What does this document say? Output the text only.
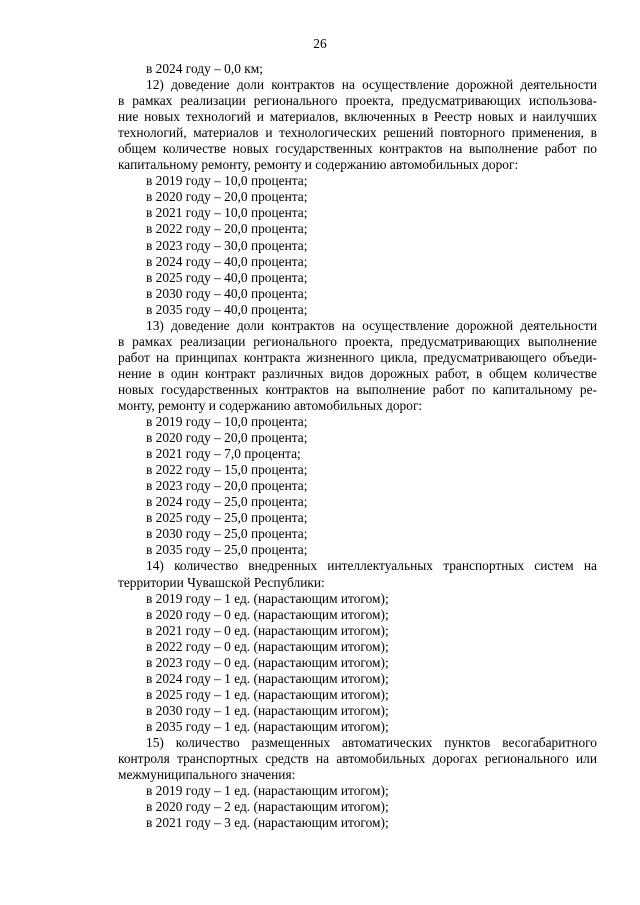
26
в 2024 году – 0,0 км;
12) доведение доли контрактов на осуществление дорожной деятельности
в рамках реализации регионального проекта, предусматривающих использова-
ние новых технологий и материалов, включенных в Реестр новых и наилучших
технологий, материалов и технологических решений повторного применения, в
общем количестве новых государственных контрактов на выполнение работ по
капитальному ремонту, ремонту и содержанию автомобильных дорог:
в 2019 году – 10,0 процента;
в 2020 году – 20,0 процента;
в 2021 году – 10,0 процента;
в 2022 году – 20,0 процента;
в 2023 году – 30,0 процента;
в 2024 году – 40,0 процента;
в 2025 году – 40,0 процента;
в 2030 году – 40,0 процента;
в 2035 году – 40,0 процента;
13) доведение доли контрактов на осуществление дорожной деятельности
в рамках реализации регионального проекта, предусматривающих выполнение
работ на принципах контракта жизненного цикла, предусматривающего объеди-
нение в один контракт различных видов дорожных работ, в общем количестве
новых государственных контрактов на выполнение работ по капитальному ре-
монту, ремонту и содержанию автомобильных дорог:
в 2019 году – 10,0 процента;
в 2020 году – 20,0 процента;
в 2021 году – 7,0 процента;
в 2022 году – 15,0 процента;
в 2023 году – 20,0 процента;
в 2024 году – 25,0 процента;
в 2025 году – 25,0 процента;
в 2030 году – 25,0 процента;
в 2035 году – 25,0 процента;
14) количество внедренных интеллектуальных транспортных систем на
территории Чувашской Республики:
в 2019 году – 1 ед. (нарастающим итогом);
в 2020 году – 0 ед. (нарастающим итогом);
в 2021 году – 0 ед. (нарастающим итогом);
в 2022 году – 0 ед. (нарастающим итогом);
в 2023 году – 0 ед. (нарастающим итогом);
в 2024 году – 1 ед. (нарастающим итогом);
в 2025 году – 1 ед. (нарастающим итогом);
в 2030 году – 1 ед. (нарастающим итогом);
в 2035 году – 1 ед. (нарастающим итогом);
15) количество размещенных автоматических пунктов весогабаритного
контроля транспортных средств на автомобильных дорогах регионального или
межмуниципального значения:
в 2019 году – 1 ед. (нарастающим итогом);
в 2020 году – 2 ед. (нарастающим итогом);
в 2021 году – 3 ед. (нарастающим итогом);
